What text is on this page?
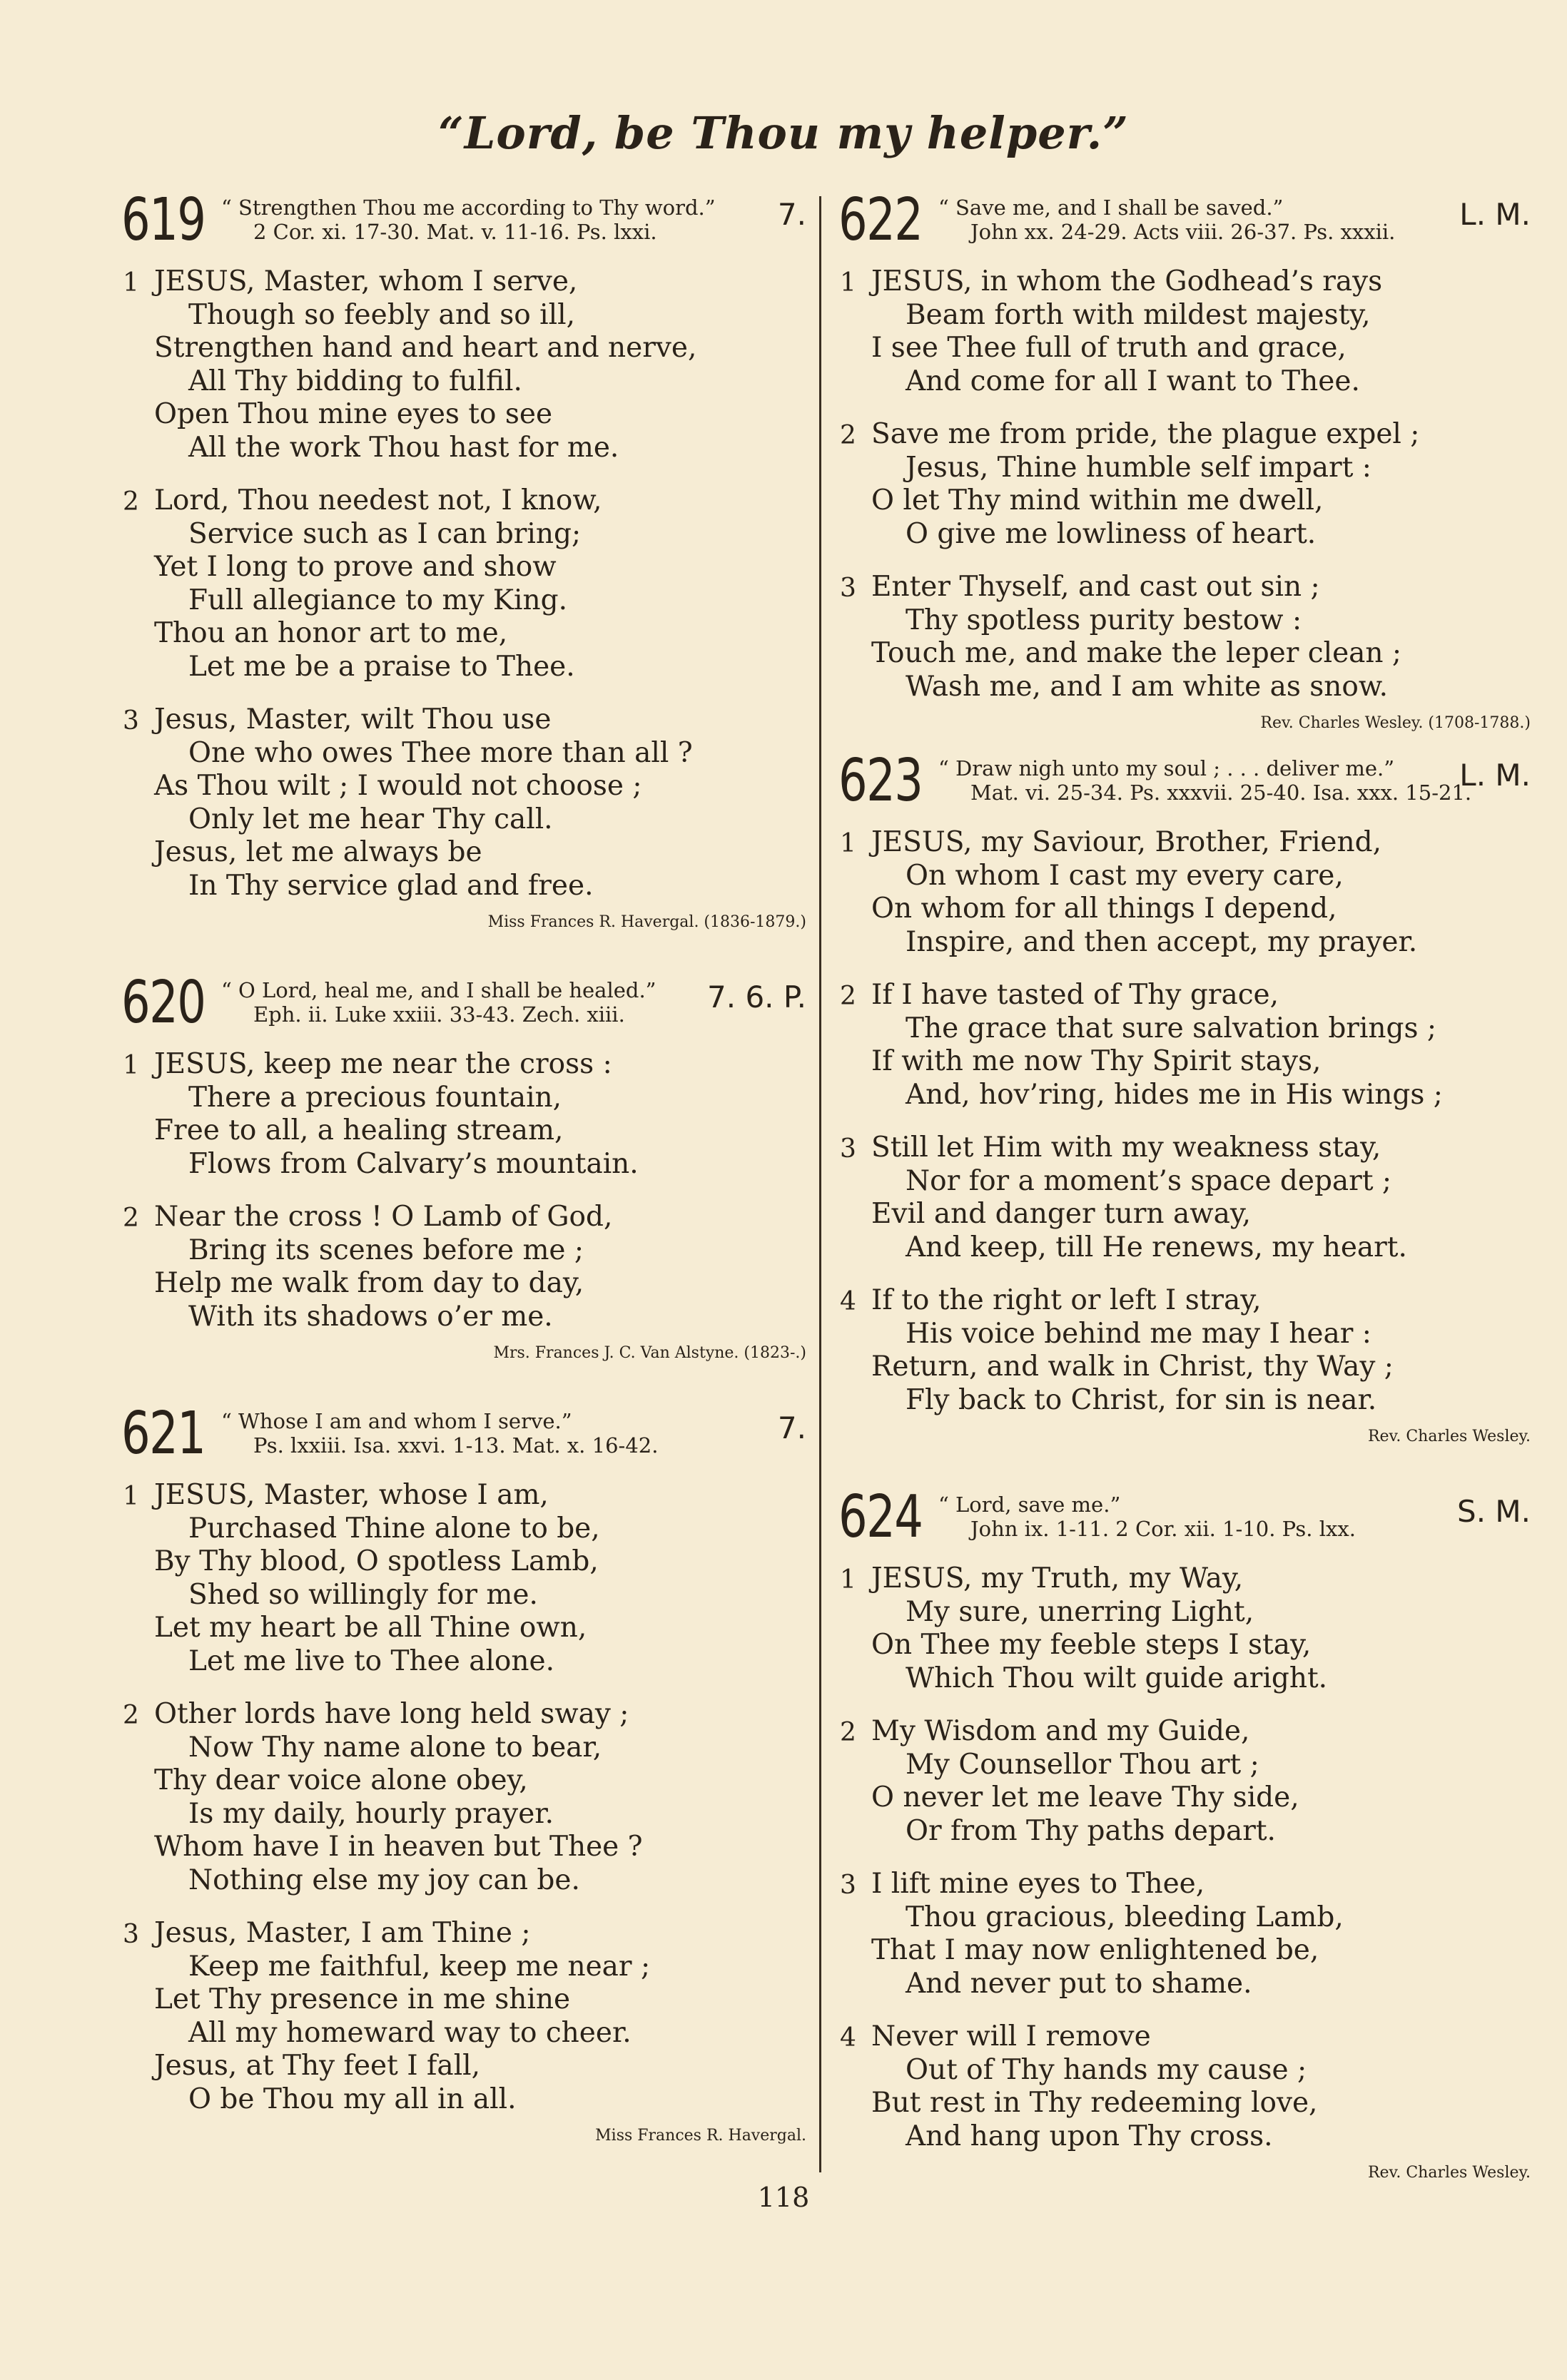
“Lord, be Thou my helper.”
619 “ Strengthen Thou me according to Thy word.”
2 Cor. xi. 17-30. Mat. v. 11-16. Ps. lxxi.	7.
1 JESUS, Master, whom I serve,
Though so feebly and so ill,
Strengthen hand and heart and nerve,
All Thy bidding to fulfil.
Open Thou mine eyes to see
All the work Thou hast for me.
2 Lord, Thou needest not, I know,
Service such as I can bring;
Yet I long to prove and show
Full allegiance to my King.
Thou an honor art to me,
Let me be a praise to Thee.
3 Jesus, Master, wilt Thou use
One who owes Thee more than all ?
As Thou wilt ; I would not choose ;
Only let me hear Thy call.
Jesus, let me always be
In Thy service glad and free.
Miss Frances R. Havergal. (1836-1879.)
620 “ O Lord, heal me, and I shall be healed.”
Eph. ii. Luke xxiii. 33-43. Zech. xiii.	7. 6. P.
1 JESUS, keep me near the cross :
There a precious fountain,
Free to all, a healing stream,
Flows from Calvary’s mountain.
2 Near the cross ! O Lamb of God,
Bring its scenes before me ;
Help me walk from day to day,
With its shadows o’er me.
Mrs. Frances J. C. Van Alstyne. (1823-.)
621 “ Whose I am and whom I serve.”
Ps. lxxiii. Isa. xxvi. 1-13. Mat. x. 16-42.	7.
1 JESUS, Master, whose I am,
Purchased Thine alone to be,
By Thy blood, O spotless Lamb,
Shed so willingly for me.
Let my heart be all Thine own,
Let me live to Thee alone.
2 Other lords have long held sway ;
Now Thy name alone to bear,
Thy dear voice alone obey,
Is my daily, hourly prayer.
Whom have I in heaven but Thee ?
Nothing else my joy can be.
3 Jesus, Master, I am Thine ;
Keep me faithful, keep me near ;
Let Thy presence in me shine
All my homeward way to cheer.
Jesus, at Thy feet I fall,
O be Thou my all in all.
Miss Frances R. Havergal.
622 “ Save me, and I shall be saved.”
John xx. 24-29. Acts viii. 26-37. Ps. xxxii.	L. M.
1 JESUS, in whom the Godhead’s rays
Beam forth with mildest majesty,
I see Thee full of truth and grace,
And come for all I want to Thee.
2 Save me from pride, the plague expel ;
Jesus, Thine humble self impart :
O let Thy mind within me dwell,
O give me lowliness of heart.
3 Enter Thyself, and cast out sin ;
Thy spotless purity bestow :
Touch me, and make the leper clean ;
Wash me, and I am white as snow.
Rev. Charles Wesley. (1708-1788.)
623 “ Draw nigh unto my soul ; . . . deliver me.”
Mat. vi. 25-34. Ps. xxxvii. 25-40. Isa. xxx. 15-21.
L. M.
1 JESUS, my Saviour, Brother, Friend,
On whom I cast my every care,
On whom for all things I depend,
Inspire, and then accept, my prayer.
2 If I have tasted of Thy grace,
The grace that sure salvation brings ;
If with me now Thy Spirit stays,
And, hov’ring, hides me in His wings ;
3 Still let Him with my weakness stay,
Nor for a moment’s space depart ;
Evil and danger turn away,
And keep, till He renews, my heart.
4 If to the right or left I stray,
His voice behind me may I hear :
Return, and walk in Christ, thy Way ;
Fly back to Christ, for sin is near.
Rev. Charles Wesley.
624 “ Lord, save me.”
John ix. 1-11. 2 Cor. xii. 1-10. Ps. lxx.	S. M.
1 JESUS, my Truth, my Way,
My sure, unerring Light,
On Thee my feeble steps I stay,
Which Thou wilt guide aright.
2 My Wisdom and my Guide,
My Counsellor Thou art ;
O never let me leave Thy side,
Or from Thy paths depart.
3 I lift mine eyes to Thee,
Thou gracious, bleeding Lamb,
That I may now enlightened be,
And never put to shame.
4 Never will I remove
Out of Thy hands my cause ;
But rest in Thy redeeming love,
And hang upon Thy cross.
Rev. Charles Wesley.
118
